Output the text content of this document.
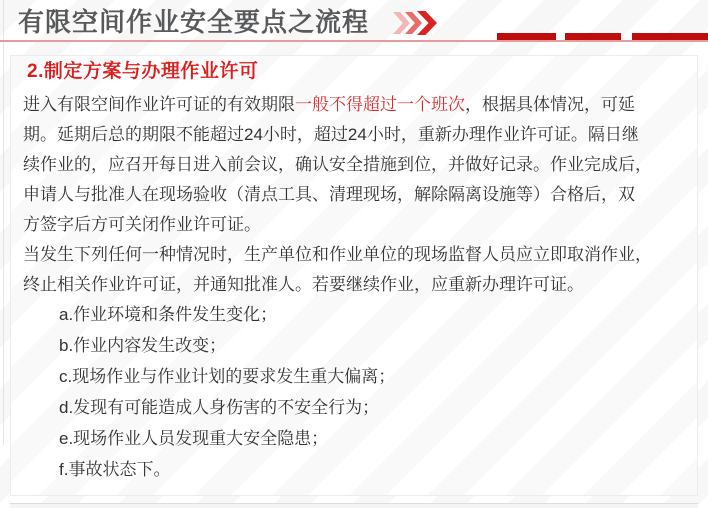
有限空间作业安全要点之流程
2.制定方案与办理作业许可
进入有限空间作业许可证的有效期限一般不得超过一个班次，根据具体情况，可延
期。延期后总的期限不能超过24小时，超过24小时，重新办理作业许可证。隔日继
续作业的，应召开每日进入前会议，确认安全措施到位，并做好记录。作业完成后，
申请人与批准人在现场验收（清点工具、清理现场，解除隔离设施等）合格后，双
方签字后方可关闭作业许可证。
当发生下列任何一种情况时，生产单位和作业单位的现场监督人员应立即取消作业，
终止相关作业许可证，并通知批准人。若要继续作业，应重新办理许可证。
a.作业环境和条件发生变化；
b.作业内容发生改变；
c.现场作业与作业计划的要求发生重大偏离；
d.发现有可能造成人身伤害的不安全行为；
e.现场作业人员发现重大安全隐患；
f.事故状态下。
